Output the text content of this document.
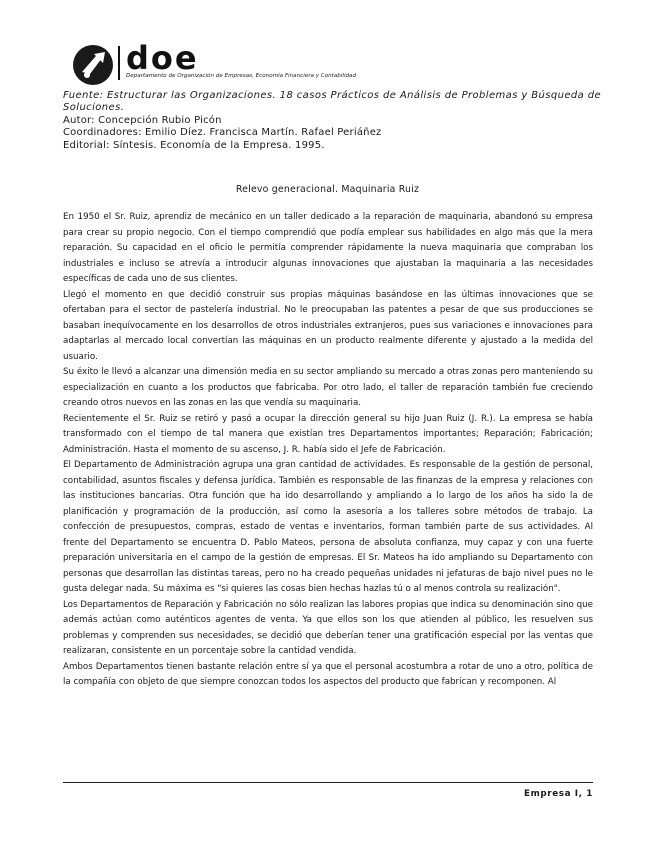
doe
Departamento de Organización de Empresas, Economía Financiera y Contabilidad
Fuente: Estructurar las Organizaciones. 18 casos Prácticos de Análisis de Problemas y Búsqueda de Soluciones.
Autor: Concepción Rubio Picón
Coordinadores: Emilio Díez. Francisca Martín. Rafael Periáñez
Editorial: Síntesis. Economía de la Empresa. 1995.
Relevo generacional. Maquinaria Ruiz

En 1950 el Sr. Ruiz, aprendiz de mecánico en un taller dedicado a la reparación de maquinaria, abandonó su empresa para crear su propio negocio. Con el tiempo comprendió que podía emplear sus habilidades en algo más que la mera reparación. Su capacidad en el oficio le permitía comprender rápidamente la nueva maquinaria que compraban los industriales e incluso se atrevía a introducir algunas innovaciones que ajustaban la maquinaria a las necesidades específicas de cada uno de sus clientes.

Llegó el momento en que decidió construir sus propias máquinas basándose en las últimas innovaciones que se ofertaban para el sector de pastelería industrial. No le preocupaban las patentes a pesar de que sus producciones se basaban inequívocamente en los desarrollos de otros industriales extranjeros, pues sus variaciones e innovaciones para adaptarlas al mercado local convertían las máquinas en un producto realmente diferente y ajustado a la medida del usuario.

Su éxito le llevó a alcanzar una dimensión media en su sector ampliando su mercado a otras zonas pero manteniendo su especialización en cuanto a los productos que fabricaba. Por otro lado, el taller de reparación también fue creciendo creando otros nuevos en las zonas en las que vendía su maquinaria.

Recientemente el Sr. Ruiz se retiró y pasó a ocupar la dirección general su hijo Juan Ruiz (J. R.). La empresa se había transformado con el tiempo de tal manera que existían tres Departamentos importantes; Reparación; Fabricación; Administración. Hasta el momento de su ascenso, J. R. había sido el Jefe de Fabricación.

El Departamento de Administración agrupa una gran cantidad de actividades. Es responsable de la gestión de personal, contabilidad, asuntos fiscales y defensa jurídica. También es responsable de las finanzas de la empresa y relaciones con las instituciones bancarias. Otra función que ha ido desarrollando y ampliando a lo largo de los años ha sido la de planificación y programación de la producción, así como la asesoría a los talleres sobre métodos de trabajo. La confección de presupuestos, compras, estado de ventas e inventarios, forman también parte de sus actividades. Al frente del Departamento se encuentra D. Pablo Mateos, persona de absoluta confianza, muy capaz y con una fuerte preparación universitaria en el campo de la gestión de empresas. El Sr. Mateos ha ido ampliando su Departamento con personas que desarrollan las distintas tareas, pero no ha creado pequeñas unidades ni jefaturas de bajo nivel pues no le gusta delegar nada. Su máxima es "si quieres las cosas bien hechas hazlas tú o al menos controla su realización".

Los Departamentos de Reparación y Fabricación no sólo realizan las labores propias que indica su denominación sino que además actúan como auténticos agentes de venta. Ya que ellos son los que atienden al público, les resuelven sus problemas y comprenden sus necesidades, se decidió que deberían tener una gratificación especial por las ventas que realizaran, consistente en un porcentaje sobre la cantidad vendida.

Ambos Departamentos tienen bastante relación entre sí ya que el personal acostumbra a rotar de uno a otro, política de la compañía con objeto de que siempre conozcan todos los aspectos del producto que fabrican y recomponen. Al

Empresa I, 1
